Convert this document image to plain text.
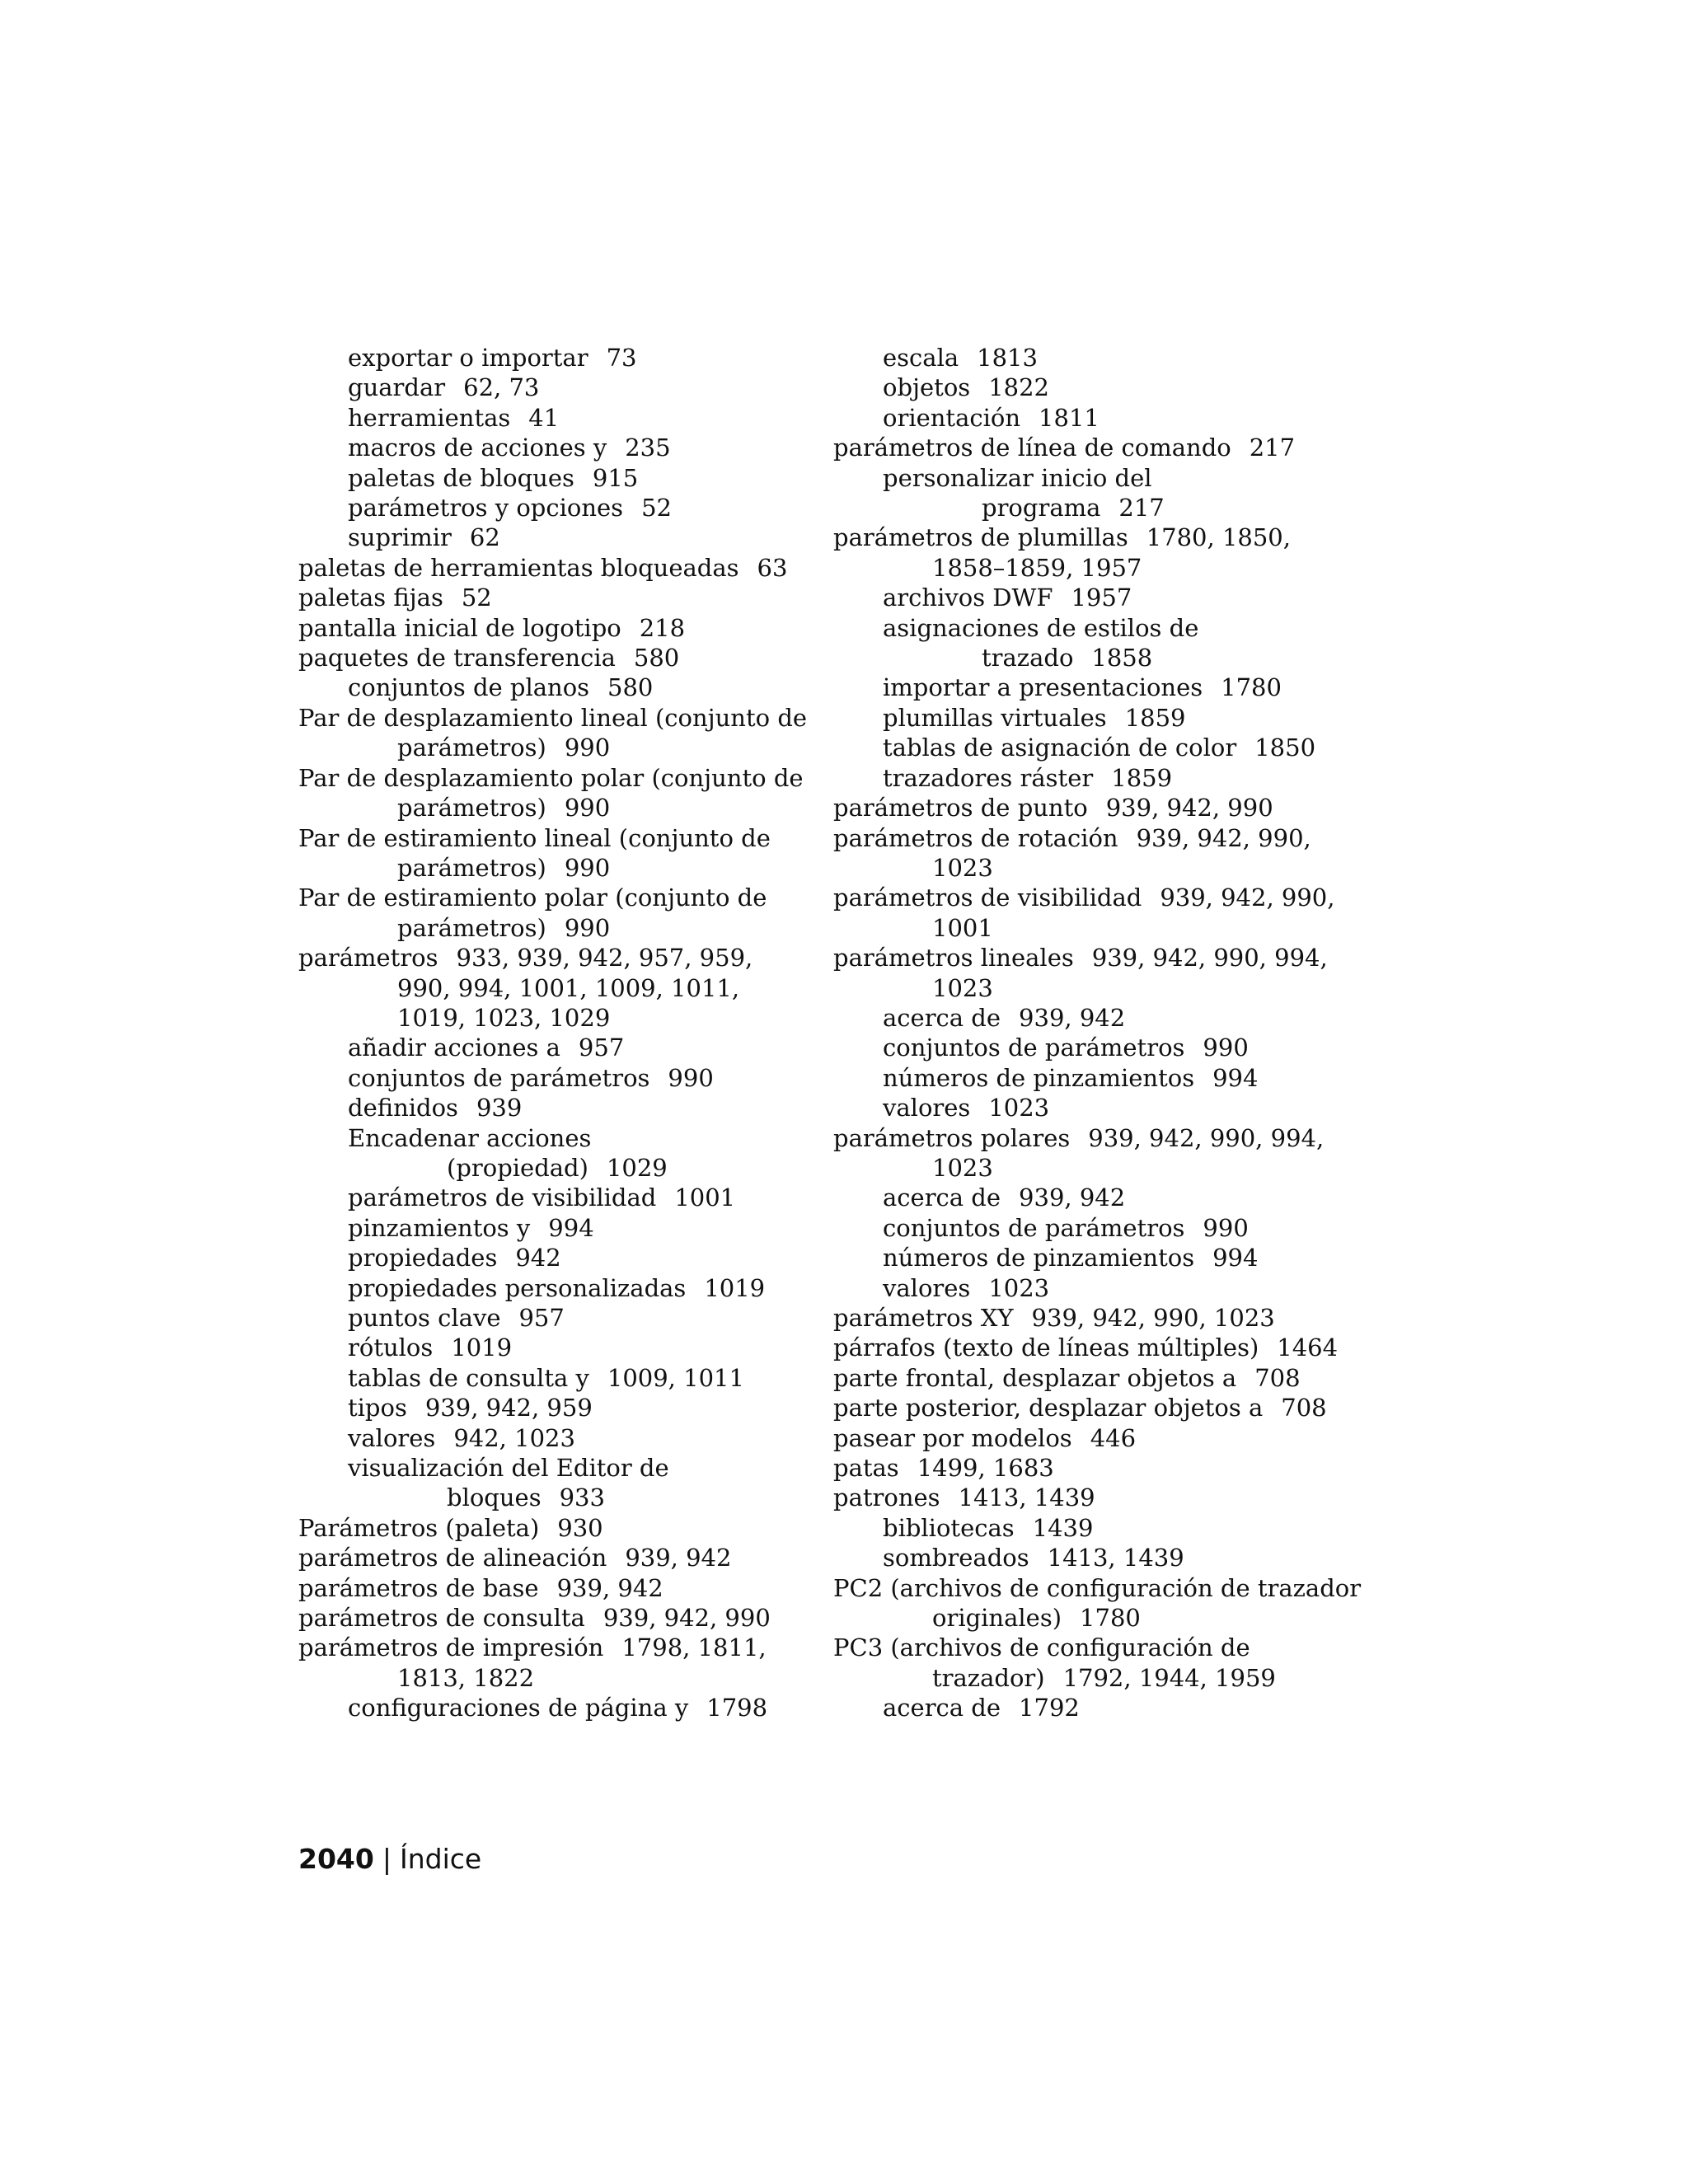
exportar o importar 73
guardar 62, 73
herramientas 41
macros de acciones y 235
paletas de bloques 915
parámetros y opciones 52
suprimir 62
paletas de herramientas bloqueadas 63
paletas fijas 52
pantalla inicial de logotipo 218
paquetes de transferencia 580
conjuntos de planos 580
Par de desplazamiento lineal (conjunto de
parámetros) 990
Par de desplazamiento polar (conjunto de
parámetros) 990
Par de estiramiento lineal (conjunto de
parámetros) 990
Par de estiramiento polar (conjunto de
parámetros) 990
parámetros 933, 939, 942, 957, 959,
990, 994, 1001, 1009, 1011,
1019, 1023, 1029
añadir acciones a 957
conjuntos de parámetros 990
definidos 939
Encadenar acciones
(propiedad) 1029
parámetros de visibilidad 1001
pinzamientos y 994
propiedades 942
propiedades personalizadas 1019
puntos clave 957
rótulos 1019
tablas de consulta y 1009, 1011
tipos 939, 942, 959
valores 942, 1023
visualización del Editor de
bloques 933
Parámetros (paleta) 930
parámetros de alineación 939, 942
parámetros de base 939, 942
parámetros de consulta 939, 942, 990
parámetros de impresión 1798, 1811,
1813, 1822
configuraciones de página y 1798
escala 1813
objetos 1822
orientación 1811
parámetros de línea de comando 217
personalizar inicio del
programa 217
parámetros de plumillas 1780, 1850,
1858–1859, 1957
archivos DWF 1957
asignaciones de estilos de
trazado 1858
importar a presentaciones 1780
plumillas virtuales 1859
tablas de asignación de color 1850
trazadores ráster 1859
parámetros de punto 939, 942, 990
parámetros de rotación 939, 942, 990,
1023
parámetros de visibilidad 939, 942, 990,
1001
parámetros lineales 939, 942, 990, 994,
1023
acerca de 939, 942
conjuntos de parámetros 990
números de pinzamientos 994
valores 1023
parámetros polares 939, 942, 990, 994,
1023
acerca de 939, 942
conjuntos de parámetros 990
números de pinzamientos 994
valores 1023
parámetros XY 939, 942, 990, 1023
párrafos (texto de líneas múltiples) 1464
parte frontal, desplazar objetos a 708
parte posterior, desplazar objetos a 708
pasear por modelos 446
patas 1499, 1683
patrones 1413, 1439
bibliotecas 1439
sombreados 1413, 1439
PC2 (archivos de configuración de trazador
originales) 1780
PC3 (archivos de configuración de
trazador) 1792, 1944, 1959
acerca de 1792
2040 | Índice
